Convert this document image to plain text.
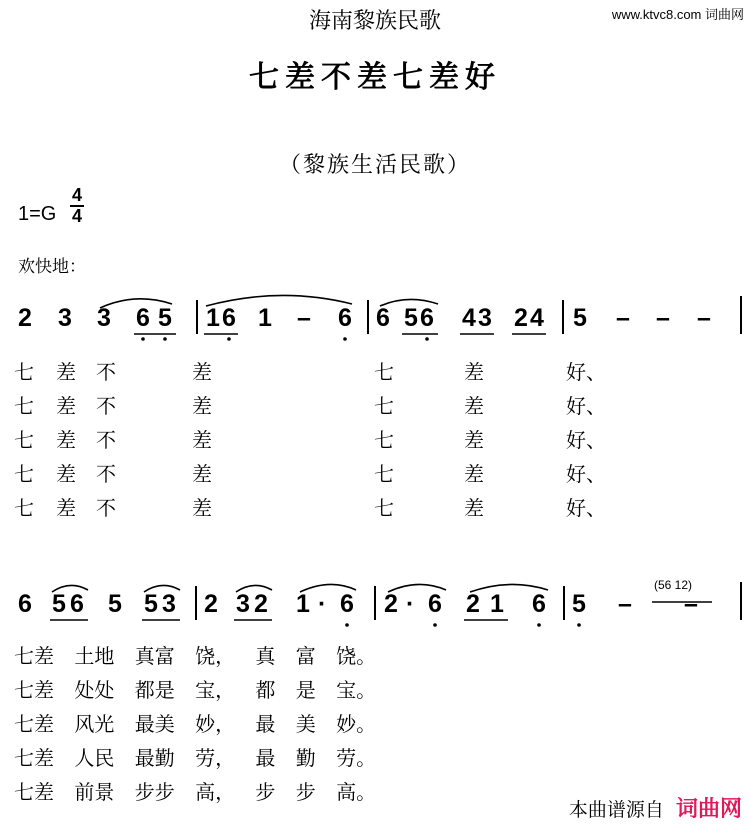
海南黎族民歌
七差不差七差好
（黎族生活民歌）
www.ktvc8.com 词曲网
1=G
4
4
欢快地：
2 3 3 6 5 1 6 1 – 6 6 5 6 4 3 2 4 5 – – –
七 差 不	差	七	差	好、
七 差 不	差	七	差	好、
七 差 不	差	七	差	好、
七 差 不	差	七	差	好、
七 差 不	差	七	差	好、
6 5 6 5 5 3 2 3 2 1 · 6 2 · 6 2 1 6 5 – –
(56 12)
七差 土地 真富 饶， 真 富 饶。
七差 处处 都是 宝， 都 是 宝。
七差 风光 最美 妙， 最 美 妙。
七差 人民 最勤 劳， 最 勤 劳。
七差 前景 步步 高， 步 步 高。
本曲谱源自 词曲网
